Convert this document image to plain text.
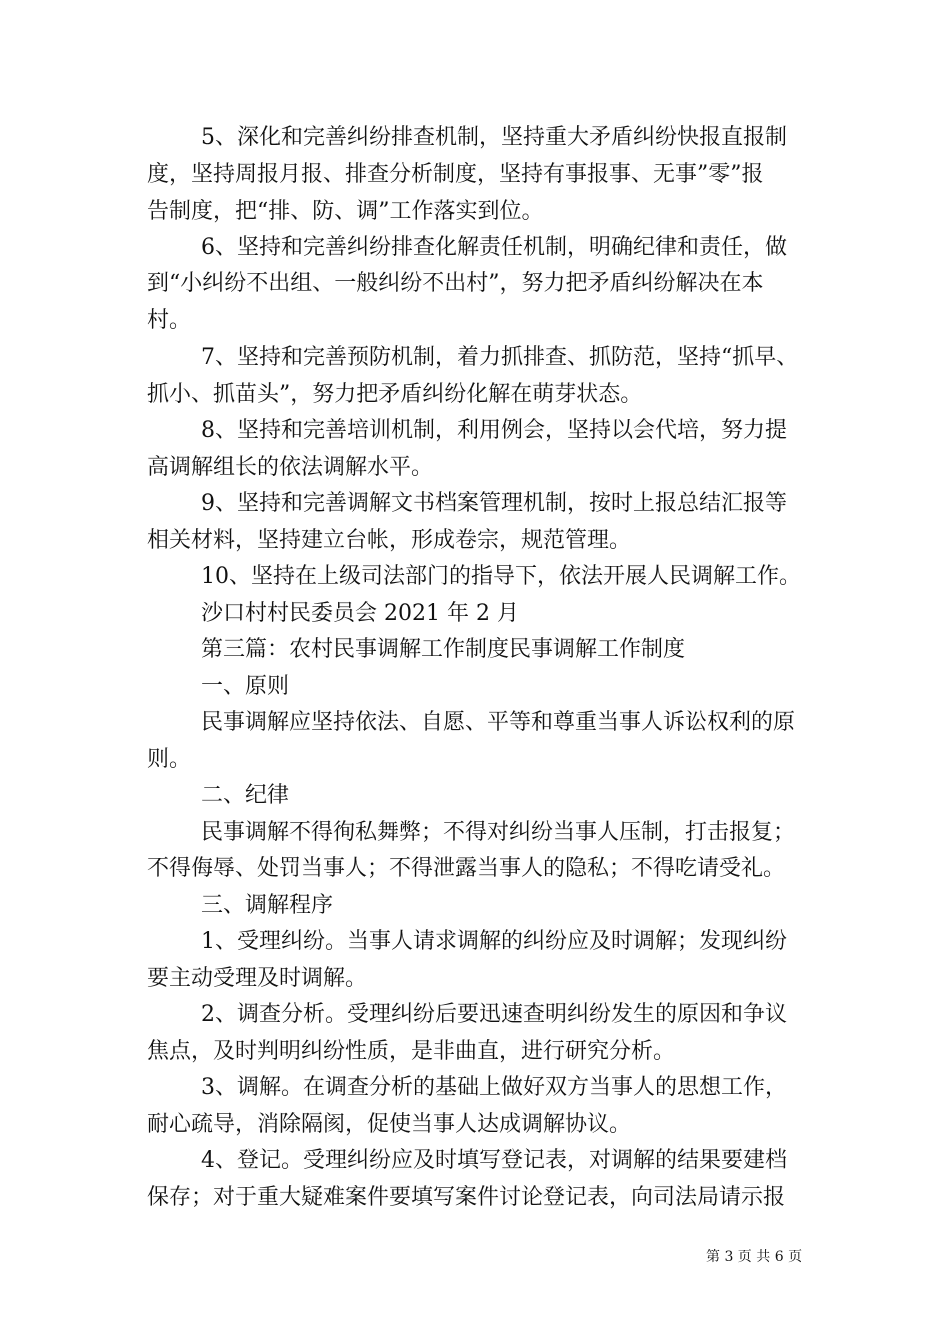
5、深化和完善纠纷排查机制，坚持重大矛盾纠纷快报直报制
度，坚持周报月报、排查分析制度，坚持有事报事、无事”零”报
告制度，把“排、防、调”工作落实到位。
6、坚持和完善纠纷排查化解责任机制，明确纪律和责任，做
到“小纠纷不出组、一般纠纷不出村”，努力把矛盾纠纷解决在本
村。
7、坚持和完善预防机制，着力抓排查、抓防范，坚持“抓早、
抓小、抓苗头”，努力把矛盾纠纷化解在萌芽状态。
8、坚持和完善培训机制，利用例会，坚持以会代培，努力提
高调解组长的依法调解水平。
9、坚持和完善调解文书档案管理机制，按时上报总结汇报等
相关材料，坚持建立台帐，形成卷宗，规范管理。
10、坚持在上级司法部门的指导下，依法开展人民调解工作。
沙口村村民委员会 2021 年 2 月
第三篇：农村民事调解工作制度民事调解工作制度
一、原则
民事调解应坚持依法、自愿、平等和尊重当事人诉讼权利的原
则。
二、纪律
民事调解不得徇私舞弊；不得对纠纷当事人压制，打击报复；
不得侮辱、处罚当事人；不得泄露当事人的隐私；不得吃请受礼。
三、调解程序
1、受理纠纷。当事人请求调解的纠纷应及时调解；发现纠纷
要主动受理及时调解。
2、调查分析。受理纠纷后要迅速查明纠纷发生的原因和争议
焦点，及时判明纠纷性质，是非曲直，进行研究分析。
3、调解。在调查分析的基础上做好双方当事人的思想工作，
耐心疏导，消除隔阂，促使当事人达成调解协议。
4、登记。受理纠纷应及时填写登记表，对调解的结果要建档
保存；对于重大疑难案件要填写案件讨论登记表，向司法局请示报
第 3 页 共 6 页
